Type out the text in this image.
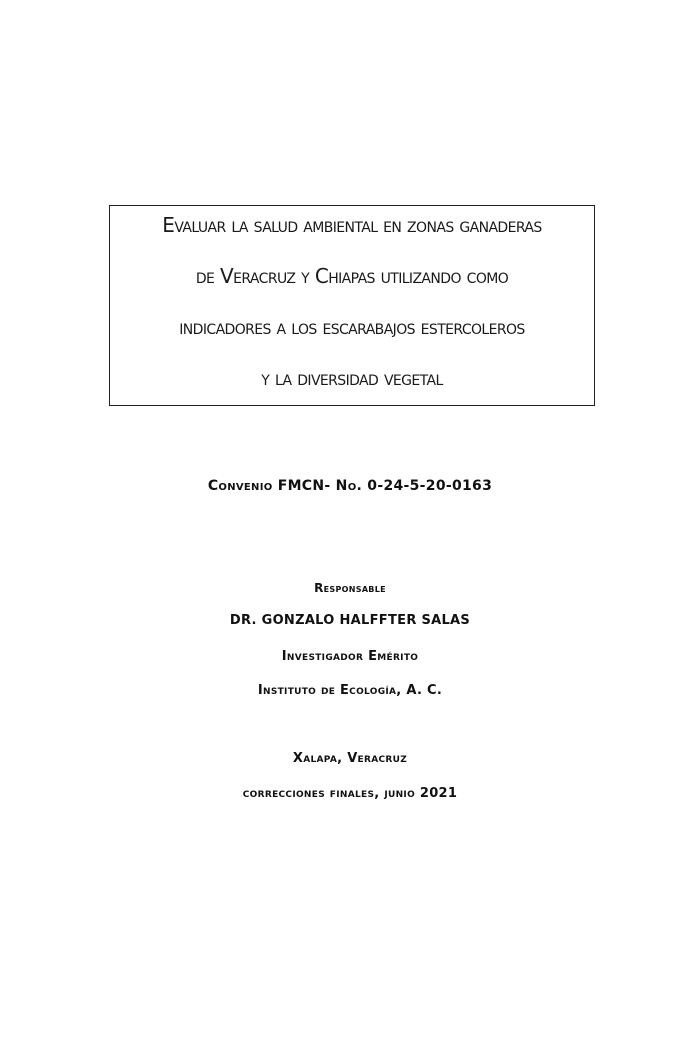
Evaluar la salud ambiental en zonas ganaderas
de Veracruz y Chiapas utilizando como
indicadores a los escarabajos estercoleros
y la diversidad vegetal
Convenio FMCN- No. 0-24-5-20-0163
Responsable
DR. GONZALO HALFFTER SALAS
Investigador Emérito
Instituto de Ecología, A. C.
Xalapa, Veracruz
correcciones finales, junio 2021
